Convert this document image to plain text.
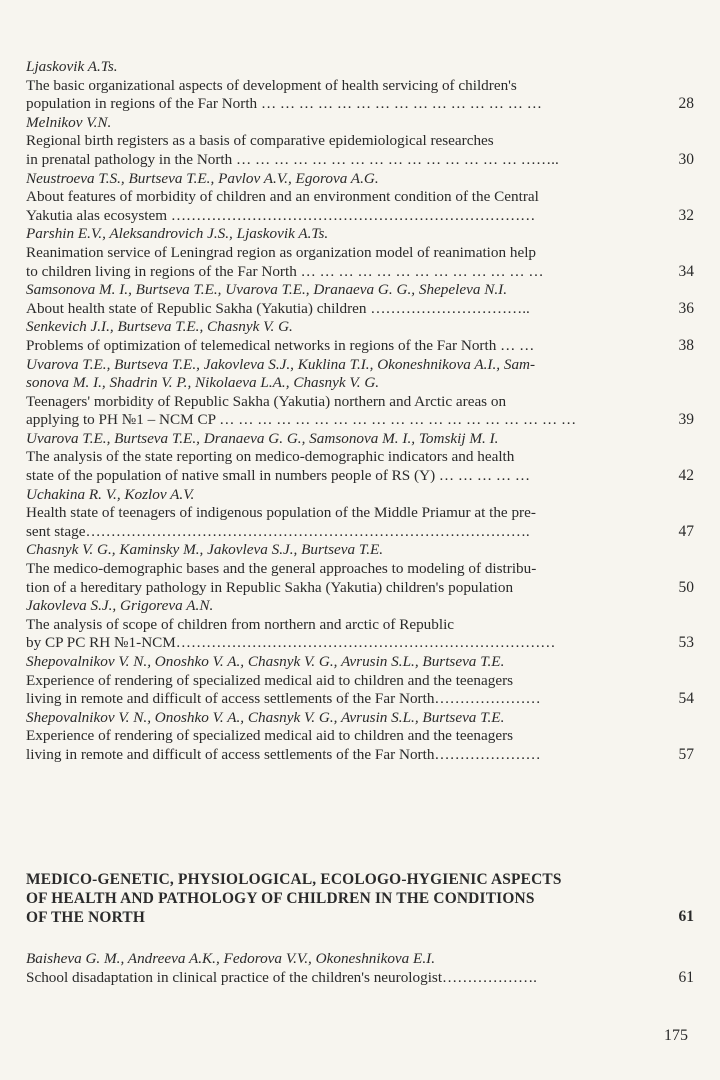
Ljaskovik A.Ts.
The basic organizational aspects of development of health servicing of children's
population in regions of the Far North … … … … … … … … … … … … … … …	28
Melnikov V.N.
Regional birth registers as a basis of comparative epidemiological researches
in prenatal pathology in the North … … … … … … … … … … … … … … … ……..	30
Neustroeva T.S., Burtseva T.E., Pavlov A.V., Egorova A.G.
About features of morbidity of children and an environment condition of the Central
Yakutia alas ecosystem ………………………………………………………………	32
Parshin E.V., Aleksandrovich J.S., Ljaskovik A.Ts.
Reanimation service of Leningrad region as organization model of reanimation help
to children living in regions of the Far North … … … … … … … … … … … … …	34
Samsonova M. I., Burtseva T.E., Uvarova T.E., Dranaeva G. G., Shepeleva N.I.
About health state of Republic Sakha (Yakutia) children …………………………..	36
Senkevich J.I., Burtseva T.E., Chasnyk V. G.
Problems of optimization of telemedical networks in regions of the Far North … …	38
Uvarova T.E., Burtseva T.E., Jakovleva S.J., Kuklina T.I., Okoneshnikova A.I., Sam-
sonova M. I., Shadrin V. P., Nikolaeva L.A., Chasnyk V. G.
Teenagers' morbidity of Republic Sakha (Yakutia) northern and Arctic areas on
applying to PH №1 – NCM CP … … … … … … … … … … … … … … … … … … …	39
Uvarova T.E., Burtseva T.E., Dranaeva G. G., Samsonova M. I., Tomskij M. I.
The analysis of the state reporting on medico-demographic indicators and health
state of the population of native small in numbers people of RS (Y) … … … … …	42
Uchakina R. V., Kozlov A.V.
Health state of teenagers of indigenous population of the Middle Priamur at the pre-
sent stage…………………………………………………………………………….	47
Chasnyk V. G., Kaminsky M., Jakovleva S.J., Burtseva T.E.
The medico-demographic bases and the general approaches to modeling of distribu-
tion of a hereditary pathology in Republic Sakha (Yakutia) children's population	50
Jakovleva S.J., Grigoreva A.N.
The analysis of scope of children from northern and arctic of Republic
by CP PC RH №1-NCM…………………………………………………………………	53
Shepovalnikov V. N., Onoshko V. A., Chasnyk V. G., Avrusin S.L., Burtseva T.E.
Experience of rendering of specialized medical aid to children and the teenagers
living in remote and difficult of access settlements of the Far North…………………	54
Shepovalnikov V. N., Onoshko V. A., Chasnyk V. G., Avrusin S.L., Burtseva T.E.
Experience of rendering of specialized medical aid to children and the teenagers
living in remote and difficult of access settlements of the Far North…………………	57
MEDICO-GENETIC, PHYSIOLOGICAL, ECOLOGO-HYGIENIC ASPECTS
OF HEALTH AND PATHOLOGY OF CHILDREN IN THE CONDITIONS
OF THE NORTH	61
Baisheva G. M., Andreeva A.K., Fedorova V.V., Okoneshnikova E.I.
School disadaptation in clinical practice of the children's neurologist……………….	61
175
